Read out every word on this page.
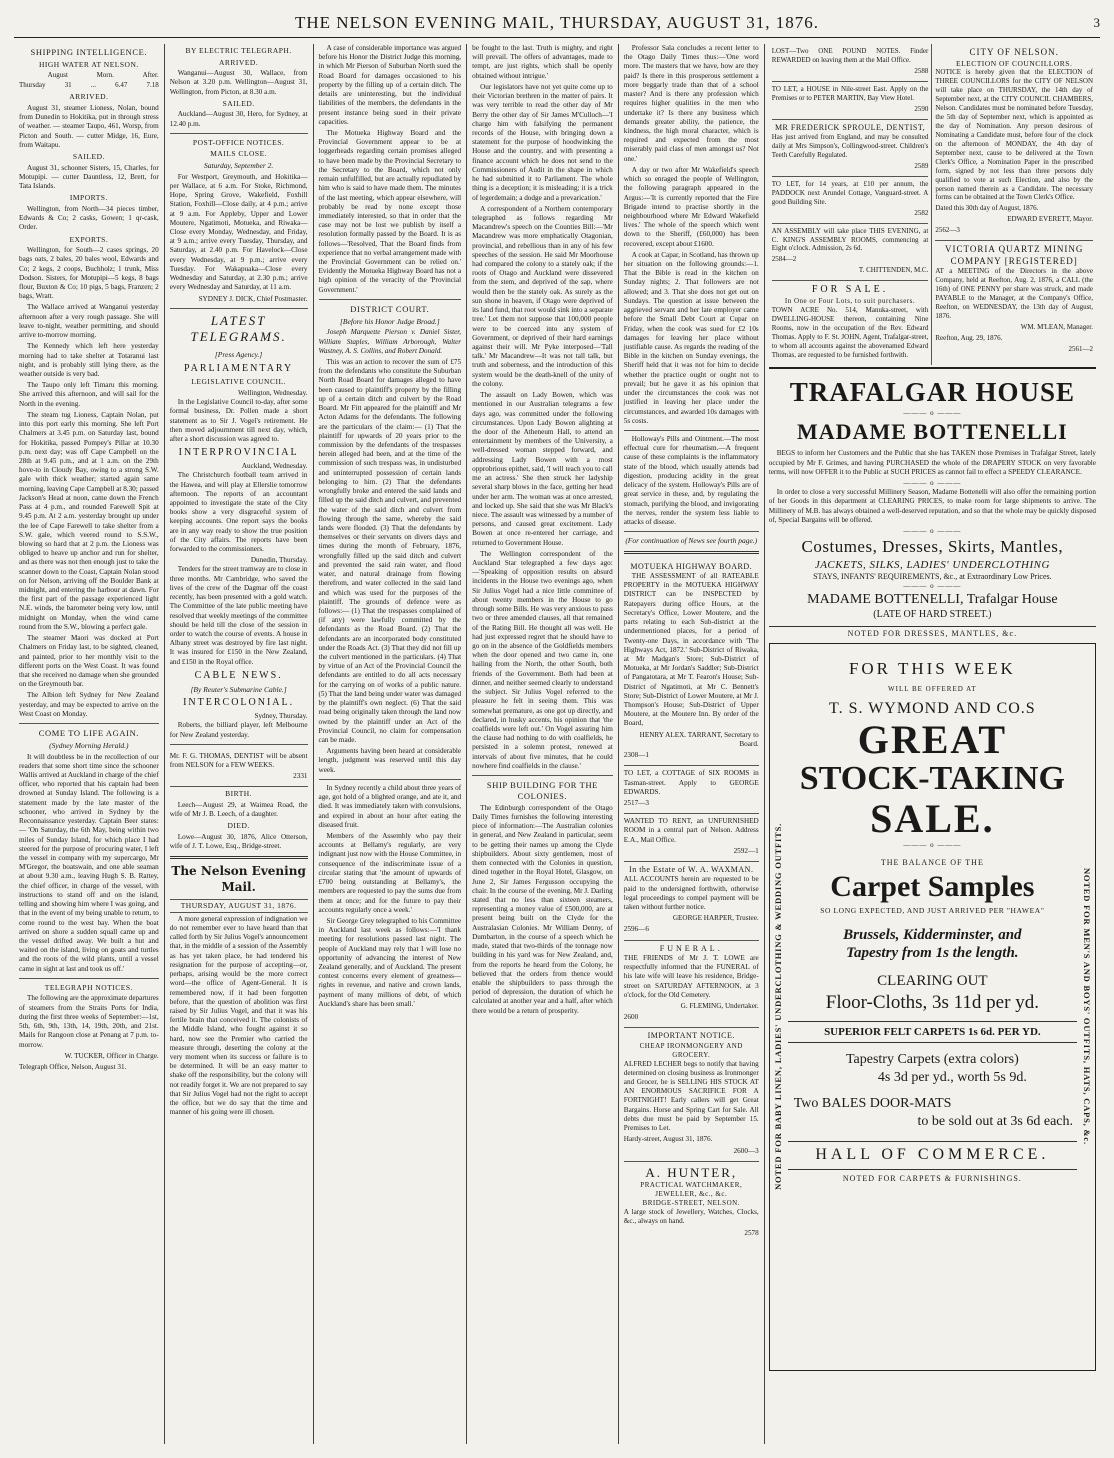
THE NELSON EVENING MAIL, THURSDAY, AUGUST 31, 1876.	3
SHIPPING INTELLIGENCE.
HIGH WATER AT NELSON.
August	Morn.	After.
Thursday	31	...	6.47	7.18
ARRIVED.

August 31, steamer Lioness, Nolan, bound from Dunedin to Hokitika, put in through stress of weather. — steamer Taupo, 461, Worsp, from Picton and South. — cutter Midge, 16, Eure, from Waitapu.

SAILED.

August 31, schooner Sisters, 15, Charles, for Motupipi. — cutter Dauntless, 12, Brett, for Tata Islands.

IMPORTS.

Wellington, from North—34 pieces timber, Edwards & Co; 2 casks, Gowen; 1 qr-cask, Order.

EXPORTS.

Wellington, for South—2 cases springs, 20 bags oats, 2 bales, 20 bales wool, Edwards and Co; 2 kegs, 2 coops, Buchholz; 1 trunk, Miss Dodson. Sisters, for Motupipi—5 kegs, 8 bags flour, Buxton & Co; 10 pigs, 5 bags, Franzen; 2 bags, Wratt.

The Wallace arrived at Wanganui yesterday afternoon after a very rough passage. She will leave to-night, weather permitting, and should arrive to-morrow morning.

The Kennedy which left here yesterday morning had to take shelter at Totaranui last night, and is probably still lying there, as the weather outside is very bad.

The Taupo only left Timaru this morning. She arrived this afternoon, and will sail for the North in the evening.

The steam tug Lioness, Captain Nolan, put into this port early this morning. She left Port Chalmers at 3.45 p.m. on Saturday last, bound for Hokitika, passed Pompey's Pillar at 10.30 p.m. next day; was off Cape Campbell on the 28th at 9.45 p.m., and at 1 a.m. on the 29th hove-to in Cloudy Bay, owing to a strong S.W. gale with thick weather; started again same morning, leaving Cape Campbell at 8.30; passed Jackson's Head at noon, came down the French Pass at 4 p.m., and rounded Farewell Spit at 9.45 p.m. At 2 a.m. yesterday brought up under the lee of Cape Farewell to take shelter from a S.W. gale, which veered round to S.S.W., blowing so hard that at 2 p.m. the Lioness was obliged to heave up anchor and run for shelter, and as there was not then enough just to take the scanner down to the Coast, Captain Nolan stood on for Nelson, arriving off the Boulder Bank at midnight, and entering the harbour at dawn. For the first part of the passage experienced light N.E. winds, the barometer being very low, until midnight on Monday, when the wind came round from the S.W., blowing a perfect gale.

The steamer Maori was docked at Port Chalmers on Friday last, to be sighted, cleaned, and painted, prior to her monthly visit to the different ports on the West Coast. It was found that she received no damage when she grounded on the Greymouth bar.

The Albion left Sydney for New Zealand yesterday, and may be expected to arrive on the West Coast on Monday.

COME TO LIFE AGAIN.
(Sydney Morning Herald.)

It will doubtless be in the recollection of our readers that some short time since the schooner Wallis arrived at Auckland in charge of the chief officer, who reported that his captain had been drowned at Sunday Island. The following is a statement made by the late master of the schooner, who arrived in Sydney by the Reconnaissance yesterday. Captain Beer states:— 'On Saturday, the 6th May, being within two miles of Sunday Island, for which place I had steered for the purpose of procuring water, I left the vessel in company with my supercargo, Mr M'Gregor, the boatswain, and one able seaman at about 9.30 a.m., leaving Hugh S. B. Rattey, the chief officer, in charge of the vessel, with instructions to stand off and on the island, telling and showing him where I was going, and that in the event of my being unable to return, to come round to the west bay. When the boat arrived on shore a sudden squall came up and the vessel drifted away. We built a hut and waited on the island, living on goats and turtles and the roots of the wild plants, until a vessel came in sight at last and took us off.'

TELEGRAPH NOTICES.

The following are the approximate departures of steamers from the Straits Ports for India, during the first three weeks of September:—1st, 5th, 6th, 9th, 13th, 14, 19th, 20th, and 21st. Mails for Rangoon close at Penang at 7 p.m. to-morrow.

W. TUCKER, Officer in Charge.

Telegraph Office, Nelson, August 31.

BY ELECTRIC TELEGRAPH.
ARRIVED.

Wanganui—August 30, Wallace, from Nelson at 3.20 p.m. Wellington—August 31, Wellington, from Picton, at 8.30 a.m.

SAILED.

Auckland—August 30, Hero, for Sydney, at 12.40 p.m.

POST-OFFICE NOTICES.
MAILS CLOSE.
Saturday, September 2.

For Westport, Greymouth, and Hokitika—per Wallace, at 6 a.m. For Stoke, Richmond, Hope, Spring Grove, Wakefield, Foxhill Station, Foxhill—Close daily, at 4 p.m.; arrive at 9 a.m. For Appleby, Upper and Lower Moutere, Ngatimoti, Motueka, and Riwaka—Close every Monday, Wednesday, and Friday, at 9 a.m.; arrive every Tuesday, Thursday, and Saturday, at 2.40 p.m. For Havelock—Close every Wednesday, at 9 p.m.; arrive every Tuesday. For Wakapuaka—Close every Wednesday and Saturday, at 2.30 p.m.; arrive every Wednesday and Saturday, at 11 a.m.

SYDNEY J. DICK, Chief Postmaster.

LATEST TELEGRAMS.
[Press Agency.]
PARLIAMENTARY
LEGISLATIVE COUNCIL.
Wellington, Wednesday.

In the Legislative Council to-day, after some formal business, Dr. Pollen made a short statement as to Sir J. Vogel's retirement. He then moved adjournment till next day, which, after a short discussion was agreed to.

INTERPROVINCIAL
Auckland, Wednesday.

The Christchurch football team arrived in the Hawea, and will play at Ellerslie tomorrow afternoon. The reports of an accountant appointed to investigate the state of the City books show a very disgraceful system of keeping accounts. One report says the books are in any way ready to show the true position of the City affairs. The reports have been forwarded to the commissioners.

Dunedin, Thursday.

Tenders for the street tramway are to close in three months. Mr Cambridge, who saved the lives of the crew of the Dagmar off the coast recently, has been presented with a gold watch. The Committee of the late public meeting have resolved that weekly meetings of the committee should be held till the close of the session in order to watch the course of events. A house in Albany street was destroyed by fire last night. It was insured for £150 in the New Zealand, and £150 in the Royal office.

CABLE NEWS.
[By Reuter's Submarine Cable.]
INTERCOLONIAL.
Sydney, Thursday.

Roberts, the billiard player, left Melbourne for New Zealand yesterday.

Mr. F. G. THOMAS, DENTIST will be absent from NELSON for a FEW WEEKS.

2331

BIRTH.

Leech—August 29, at Waimea Road, the wife of Mr J. B. Leech, of a daughter.

DIED.

Lowe—August 30, 1876, Alice Otterson, wife of J. T. Lowe, Esq., Bridge-street.

The Nelson Evening Mail.
THURSDAY, AUGUST 31, 1876.

A more general expression of indignation we do not remember ever to have heard than that called forth by Sir Julius Vogel's announcement that, in the middle of a session of the Assembly as has yet taken place, he had tendered his resignation for the purpose of accepting—or, perhaps, arising would be the more correct word—the office of Agent-General. It is remembered now, if it had been forgotten before, that the question of abolition was first raised by Sir Julius Vogel, and that it was his fertile brain that conceived it. The colonists of the Middle Island, who fought against it so hard, now see the Premier who carried the measure through, deserting the colony at the very moment when its success or failure is to be determined. It will be an easy matter to shake off the responsibility, but the colony will not readily forget it. We are not prepared to say that Sir Julius Vogel had not the right to accept the office, but we do say that the time and manner of his going were ill chosen.

A case of considerable importance was argued before his Honor the District Judge this morning, in which Mr Pierson of Suburban North sued the Road Board for damages occasioned to his property by the filling up of a certain ditch. The details are uninteresting, but the individual liabilities of the members, the defendants in the present instance being sued in their private capacities.

The Motueka Highway Board and the Provincial Government appear to be at loggerheads regarding certain promises alleged to have been made by the Provincial Secretary to the Secretary to the Board, which not only remain unfulfilled, but are actually repudiated by him who is said to have made them. The minutes of the last meeting, which appear elsewhere, will probably be read by none except those immediately interested, so that in order that the case may not be lost we publish by itself a resolution formally passed by the Board. It is as follows—'Resolved, That the Board finds from experience that no verbal arrangement made with the Provincial Government can be relied on.' Evidently the Motueka Highway Board has not a high opinion of the veracity of the 'Provincial Government.'

DISTRICT COURT.
[Before his Honor Judge Broad.]

Joseph Marquette Pierson v. Daniel Sister, William Staples, William Arborough, Walter Wastney, A. S. Collins, and Robert Donald.

This was an action to recover the sum of £75 from the defendants who constitute the Suburban North Road Board for damages alleged to have been caused to plaintiff's property by the filling up of a certain ditch and culvert by the Road Board. Mr Fitt appeared for the plaintiff and Mr Acton Adams for the defendants. The following are the particulars of the claim:— (1) That the plaintiff for upwards of 20 years prior to the commission by the defendants of the trespasses herein alleged had been, and at the time of the commission of such trespass was, in undisturbed and uninterrupted possession of certain lands belonging to him. (2) That the defendants wrongfully broke and entered the said lands and filled up the said ditch and culvert, and prevented the water of the said ditch and culvert from flowing through the same, whereby the said lands were flooded. (3) That the defendants by themselves or their servants on divers days and times during the month of February, 1876, wrongfully filled up the said ditch and culvert and prevented the said rain water, and flood water, and natural drainage from flowing therefrom, and water collected in the said land and which was used for the purposes of the plaintiff. The grounds of defence were as follows:— (1) That the trespasses complained of (if any) were lawfully committed by the defendants as the Road Board. (2) That the defendants are an incorporated body constituted under the Roads Act. (3) That they did not fill up the culvert mentioned in the particulars. (4) That by virtue of an Act of the Provincial Council the defendants are entitled to do all acts necessary for the carrying on of works of a public nature. (5) That the land being under water was damaged by the plaintiff's own neglect. (6) That the said road being originally taken through the land now owned by the plaintiff under an Act of the Provincial Council, no claim for compensation can be made.

Arguments having been heard at considerable length, judgment was reserved until this day week.

In Sydney recently a child about three years of age, got hold of a blighted orange, and ate it, and died. It was immediately taken with convulsions, and expired in about an hour after eating the diseased fruit.

Members of the Assembly who pay their accounts at Bellamy's regularly, are very indignant just now with the House Committee, in consequence of the indiscriminate issue of a circular stating that 'the amount of upwards of £700 being outstanding at Bellamy's, the members are requested to pay the sums due from them at once; and for the future to pay their accounts regularly once a week.'

Sir George Grey telegraphed to his Committee in Auckland last week as follows:—'I thank meeting for resolutions passed last night. The people of Auckland may rely that I will lose no opportunity of advancing the interest of New Zealand generally, and of Auckland. The present contest concerns every element of greatness—rights in revenue, and native and crown lands, payment of many millions of debt, of which Auckland's share has been small.'

be fought to the last. Truth is mighty, and right will prevail. The offers of advantages, made to tempt, are just rights, which shall be openly obtained without intrigue.'

Our legislators have not yet quite come up to their Victorian brethren in the matter of pairs. It was very terrible to read the other day of Mr Berry the other day of Sir James M'Culloch—'I charge him with falsifying the permanent records of the House, with bringing down a statement for the purpose of hoodwinking the House and the country, and with presenting a finance account which he does not send to the Commissioners of Audit in the shape in which he had submitted it to Parliament. The whole thing is a deception; it is misleading; it is a trick of legerdemain; a dodge and a prevarication.'

A correspondent of a Northern contemporary telegraphed as follows regarding Mr Macandrew's speech on the Counties Bill:—'Mr Macandrew was more emphatically Otagonian, provincial, and rebellious than in any of his few speeches of the session. He said Mr Moorhouse had compared the colony to a stately oak; if the roots of Otago and Auckland were dissevered from the stem, and deprived of the sap, where would then be the stately oak. As surely as the sun shone in heaven, if Otago were deprived of its land fund, that root would sink into a separate tree.' Let them not suppose that 100,000 people were to be coerced into any system of Government, or deprived of their hard earnings against their will. Mr Pyke interposed—'Tall talk.' Mr Macandrew—It was not tall talk, but truth and soberness, and the introduction of this system would be the death-knell of the unity of the colony.

The assault on Lady Bowen, which was mentioned in our Australian telegrams a few days ago, was committed under the following circumstances. Upon Lady Bowen alighting at the door of the Atheneum Hall, to attend an entertainment by members of the University, a well-dressed woman stepped forward, and addressing Lady Bowen with a most opprobrious epithet, said, 'I will teach you to call me an actress.' She then struck her ladyship several sharp blows in the face, getting her head under her arm. The woman was at once arrested, and locked up. She said that she was Mr Black's niece. The assault was witnessed by a number of persons, and caused great excitement. Lady Bowen at once re-entered her carriage, and returned to Government House.

The Wellington correspondent of the Auckland Star telegraphed a few days ago:—'Speaking of opposition results on absurd incidents in the House two evenings ago, when Sir Julius Vogel had a nice little committee of about twenty members in the House to go through some Bills. He was very anxious to pass two or three amended clauses, all that remained of the Rating Bill. He thought all was well. He had just expressed regret that he should have to go on in the absence of the Goldfields members when the door opened and two came in, one hailing from the North, the other South, both friends of the Government. Both had been at dinner, and neither seemed clearly to understand the subject. Sir Julius Vogel referred to the pleasure he felt in seeing them. This was somewhat premature, as one got up directly, and declared, in husky accents, his opinion that 'the coalfields were left out.' On Vogel assuring him the clause had nothing to do with coalfields, he persisted in a solemn protest, renewed at intervals of about five minutes, that he could nowhere find coalfields in the clause.'

SHIP BUILDING FOR THE COLONIES.

The Edinburgh correspondent of the Otago Daily Times furnishes the following interesting piece of information:—The Australian colonies in general, and New Zealand in particular, seem to be getting their names up among the Clyde shipbuilders. About sixty gentlemen, most of them connected with the Colonies in question, dined together in the Royal Hotel, Glasgow, on June 2, Sir James Fergusson occupying the chair. In the course of the evening, Mr J. Darling stated that no less than sixteen steamers, representing a money value of £500,000, are at present being built on the Clyde for the Australasian Colonies. Mr William Denny, of Dumbarton, in the course of a speech which he made, stated that two-thirds of the tonnage now building in his yard was for New Zealand, and, from the reports he heard from the Colony, he believed that the orders from thence would enable the shipbuilders to pass through the period of depression, the duration of which he calculated at another year and a half, after which there would be a return of prosperity.

Professor Sala concludes a recent letter to the Otago Daily Times thus:—'One word more. The masters that we have, how are they paid? Is there in this prosperous settlement a more beggarly trade than that of a school master? And is there any profession which requires higher qualities in the men who undertake it? Is there any business which demands greater ability, the patience, the kindness, the high moral character, which is required and expected from the most miserably paid class of men amongst us? Not one.'

A day or two after Mr Wakefield's speech which so enraged the people of Wellington, the following paragraph appeared in the Argus:—'It is currently reported that the Fire Brigade intend to practise shortly in the neighbourhood where Mr Edward Wakefield lives.' The whole of the speech which went down to the Sheriff, (£60,000) has been recovered, except about £1600.

A cook at Capar, in Scotland, has thrown up her situation on the following grounds:—1. That the Bible is read in the kitchen on Sunday nights; 2. That followers are not allowed; and 3. That she does not get out on Sundays. The question at issue between the aggrieved servant and her late employer came before the Small Debt Court at Cupar on Friday, when the cook was sued for £2 10s damages for leaving her place without justifiable cause. As regards the reading of the Bible in the kitchen on Sunday evenings, the Sheriff held that it was not for him to decide whether the practice ought or ought not to prevail; but he gave it as his opinion that under the circumstances the cook was not justified in leaving her place under the circumstances, and awarded 10s damages with 5s costs.

Holloway's Pills and Ointment.—The most effectual cure for rheumatism.—A frequent cause of these complaints is the inflammatory state of the blood, which usually attends bad digestion, producing acidity in the great delicacy of the system. Holloway's Pills are of great service in these, and, by regulating the stomach, purifying the blood, and invigorating the nerves, render the system less liable to attacks of disease.

(For continuation of News see fourth page.)
MOTUEKA HIGHWAY BOARD.

THE ASSESSMENT of all RATEABLE PROPERTY in the MOTUEKA HIGHWAY DISTRICT can be INSPECTED by Ratepayers during office Hours, at the Secretary's Office, Lower Moutere, and the parts relating to each Sub-district at the undermentioned places, for a period of Twenty-one Days, in accordance with 'The Highways Act, 1872.' Sub-District of Riwaka, at Mr Madgan's Store; Sub-District of Motueka, at Mr Jordan's Saddler; Sub-District of Pangatotara, at Mr T. Fearon's House; Sub-District of Ngatimoti, at Mr C. Bennett's Store; Sub-District of Lower Moutere, at Mr J. Thompson's House; Sub-District of Upper Moutere, at the Moutere Inn. By order of the Board,

HENRY ALEX. TARRANT, Secretary to Board.

2308—1

TO LET, a COTTAGE of SIX ROOMS in Tasman-street. Apply to GEORGE EDWARDS.

2517—3

WANTED TO RENT, an UNFURNISHED ROOM in a central part of Nelson. Address E.A., Mail Office.

2592—1

In the Estate of W. A. WAXMAN.

ALL ACCOUNTS herein are requested to be paid to the undersigned forthwith, otherwise legal proceedings to compel payment will be taken without further notice.

GEORGE HARPER, Trustee.

2596—6

FUNERAL.

THE FRIENDS of Mr J. T. LOWE are respectfully informed that the FUNERAL of his late wife will leave his residence, Bridge-street on SATURDAY AFTERNOON, at 3 o'clock, for the Old Cemetery.

G. FLEMING, Undertaker.

2600

IMPORTANT NOTICE.
CHEAP IRONMONGERY AND GROCERY.

ALFRED LECHER begs to notify that having determined on closing business as Ironmonger and Grocer, he is SELLING HIS STOCK AT AN ENORMOUS SACRIFICE FOR A FORTNIGHT! Early callers will get Great Bargains. Horse and Spring Cart for Sale. All debts due must be paid by September 15. Premises to Let.

Hardy-street, August 31, 1876.

2600—3

A. HUNTER,
PRACTICAL WATCHMAKER, JEWELLER, &c., &c.
BRIDGE-STREET, NELSON.

A large stock of Jewellery, Watches, Clocks, &c., always on hand.

2578

LOST—Two ONE POUND NOTES. Finder REWARDED on leaving them at the Mail Office.

2588

TO LET, a HOUSE in Nile-street East. Apply on the Premises or to PETER MARTIN, Bay View Hotel.

2590

MR FREDERICK SPROULE, DENTIST,

Has just arrived from England, and may be consulted daily at Mrs Simpson's, Collingwood-street. Children's Teeth Carefully Regulated.

2589

TO LET, for 14 years, at £10 per annum, the PADDOCK next Arundel Cottage, Vanguard-street. A good Building Site.

2582

AN ASSEMBLY will take place THIS EVENING, at C. KING'S ASSEMBLY ROOMS, commencing at Eight o'clock. Admission, 2s 6d.

2584—2

T. CHITTENDEN, M.C.

FOR SALE.
In One or Four Lots, to suit purchasers.

TOWN ACRE No. 514, Manuka-street, with DWELLING-HOUSE thereon, containing Nine Rooms, now in the occupation of the Rev. Edward Thomas. Apply to F. St. JOHN, Agent, Trafalgar-street, to whom all accounts against the abovenamed Edward Thomas, are requested to be furnished forthwith.

CITY OF NELSON.
ELECTION OF COUNCILLORS.

NOTICE is hereby given that the ELECTION of THREE COUNCILLORS for the CITY OF NELSON will take place on THURSDAY, the 14th day of September next, at the CITY COUNCIL CHAMBERS, Nelson. Candidates must be nominated before Tuesday, the 5th day of September next, which is appointed as the day of Nomination. Any person desirous of Nominating a Candidate must, before four of the clock on the afternoon of MONDAY, the 4th day of September next, cause to be delivered at the Town Clerk's Office, a Nomination Paper in the prescribed form, signed by not less than three persons duly qualified to vote at such Election, and also by the person named therein as a Candidate. The necessary forms can be obtained at the Town Clerk's Office.

Dated this 30th day of August, 1876.

EDWARD EVERETT, Mayor.

2562—3

VICTORIA QUARTZ MINING COMPANY [REGISTERED]

AT a MEETING of the Directors in the above Company, held at Reefton, Aug. 2, 1876, a CALL (the 16th) of ONE PENNY per share was struck, and made PAYABLE to the Manager, at the Company's Office, Reefton, on WEDNESDAY, the 13th day of August, 1876.

WM. M'LEAN, Manager.

Reefton, Aug. 29, 1876.

2561—2

TRAFALGAR HOUSE
——— o ———
MADAME BOTTENELLI

BEGS to inform her Customers and the Public that she has TAKEN those Premises in Trafalgar Street, lately occupied by Mr F. Grimes, and having PURCHASED the whole of the DRAPERY STOCK on very favorable terms, will now OFFER it to the Public at SUCH PRICES as cannot fail to effect a SPEEDY CLEARANCE.

——— o ———

In order to close a very successful Millinery Season, Madame Bottenelli will also offer the remaining portion of her Goods in this department at CLEARING PRICES, to make room for large shipments to arrive. The Millinery of M.B. has always obtained a well-deserved reputation, and so that the whole may be quickly disposed of, Special Bargains will be offered.

——— o ———
Costumes, Dresses, Skirts, Mantles,
JACKETS, SILKS, LADIES' UNDERCLOTHING
STAYS, INFANTS' REQUIREMENTS, &c., at Extraordinary Low Prices.
——— o ———
MADAME BOTTENELLI, Trafalgar House
(LATE OF HARD STREET.)
NOTED FOR DRESSES, MANTLES, &c.
NOTED FOR BABY LINEN, LADIES' UNDERCLOTHING & WEDDING OUTFITS.	NOTED FOR MEN'S AND BOYS' OUTFITS, HATS, CAPS, &c.
FOR THIS WEEK
WILL BE OFFERED AT
T. S. WYMOND AND CO.S
GREAT
STOCK-TAKING
SALE.
——— o ———
THE BALANCE OF THE
Carpet Samples
SO LONG EXPECTED, AND JUST ARRIVED PER "HAWEA"
Brussels, Kidderminster, and
Tapestry from 1s the length.
CLEARING OUT
Floor-Cloths, 3s 11d per yd.
SUPERIOR FELT CARPETS 1s 6d. PER YD.
Tapestry Carpets (extra colors)
4s 3d per yd., worth 5s 9d.
Two BALES DOOR-MATS
to be sold out at 3s 6d each.
HALL OF COMMERCE.
NOTED FOR CARPETS & FURNISHINGS.
